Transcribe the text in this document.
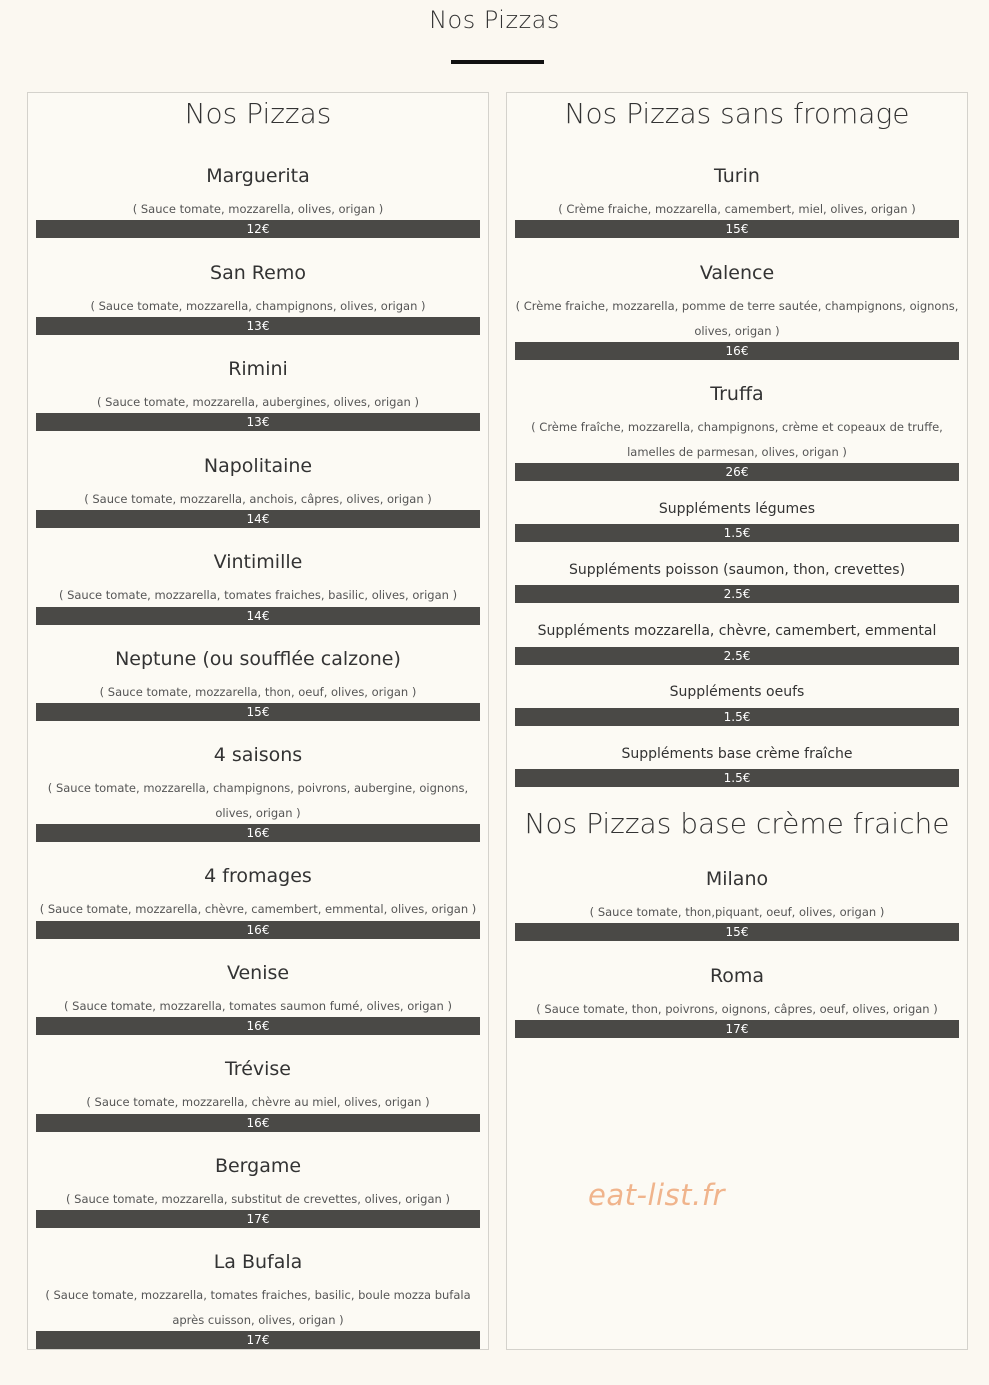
Nos Pizzas
Nos Pizzas
Marguerita
( Sauce tomate, mozzarella, olives, origan )
12€
San Remo
( Sauce tomate, mozzarella, champignons, olives, origan )
13€
Rimini
( Sauce tomate, mozzarella, aubergines, olives, origan )
13€
Napolitaine
( Sauce tomate, mozzarella, anchois, câpres, olives, origan )
14€
Vintimille
( Sauce tomate, mozzarella, tomates fraiches, basilic, olives, origan )
14€
Neptune (ou soufflée calzone)
( Sauce tomate, mozzarella, thon, oeuf, olives, origan )
15€
4 saisons
( Sauce tomate, mozzarella, champignons, poivrons, aubergine, oignons, olives, origan )
16€
4 fromages
( Sauce tomate, mozzarella, chèvre, camembert, emmental, olives, origan )
16€
Venise
( Sauce tomate, mozzarella, tomates saumon fumé, olives, origan )
16€
Trévise
( Sauce tomate, mozzarella, chèvre au miel, olives, origan )
16€
Bergame
( Sauce tomate, mozzarella, substitut de crevettes, olives, origan )
17€
La Bufala
( Sauce tomate, mozzarella, tomates fraiches, basilic, boule mozza bufala après cuisson, olives, origan )
17€
Nos Pizzas sans fromage
Turin
( Crème fraiche, mozzarella, camembert, miel, olives, origan )
15€
Valence
( Crème fraiche, mozzarella, pomme de terre sautée, champignons, oignons, olives, origan )
16€
Truffa
( Crème fraîche, mozzarella, champignons, crème et copeaux de truffe, lamelles de parmesan, olives, origan )
26€
Suppléments légumes
1.5€
Suppléments poisson (saumon, thon, crevettes)
2.5€
Suppléments mozzarella, chèvre, camembert, emmental
2.5€
Suppléments oeufs
1.5€
Suppléments base crème fraîche
1.5€
Nos Pizzas base crème fraiche
Milano
( Sauce tomate, thon,piquant, oeuf, olives, origan )
15€
Roma
( Sauce tomate, thon, poivrons, oignons, câpres, oeuf, olives, origan )
17€
eat-list.fr
